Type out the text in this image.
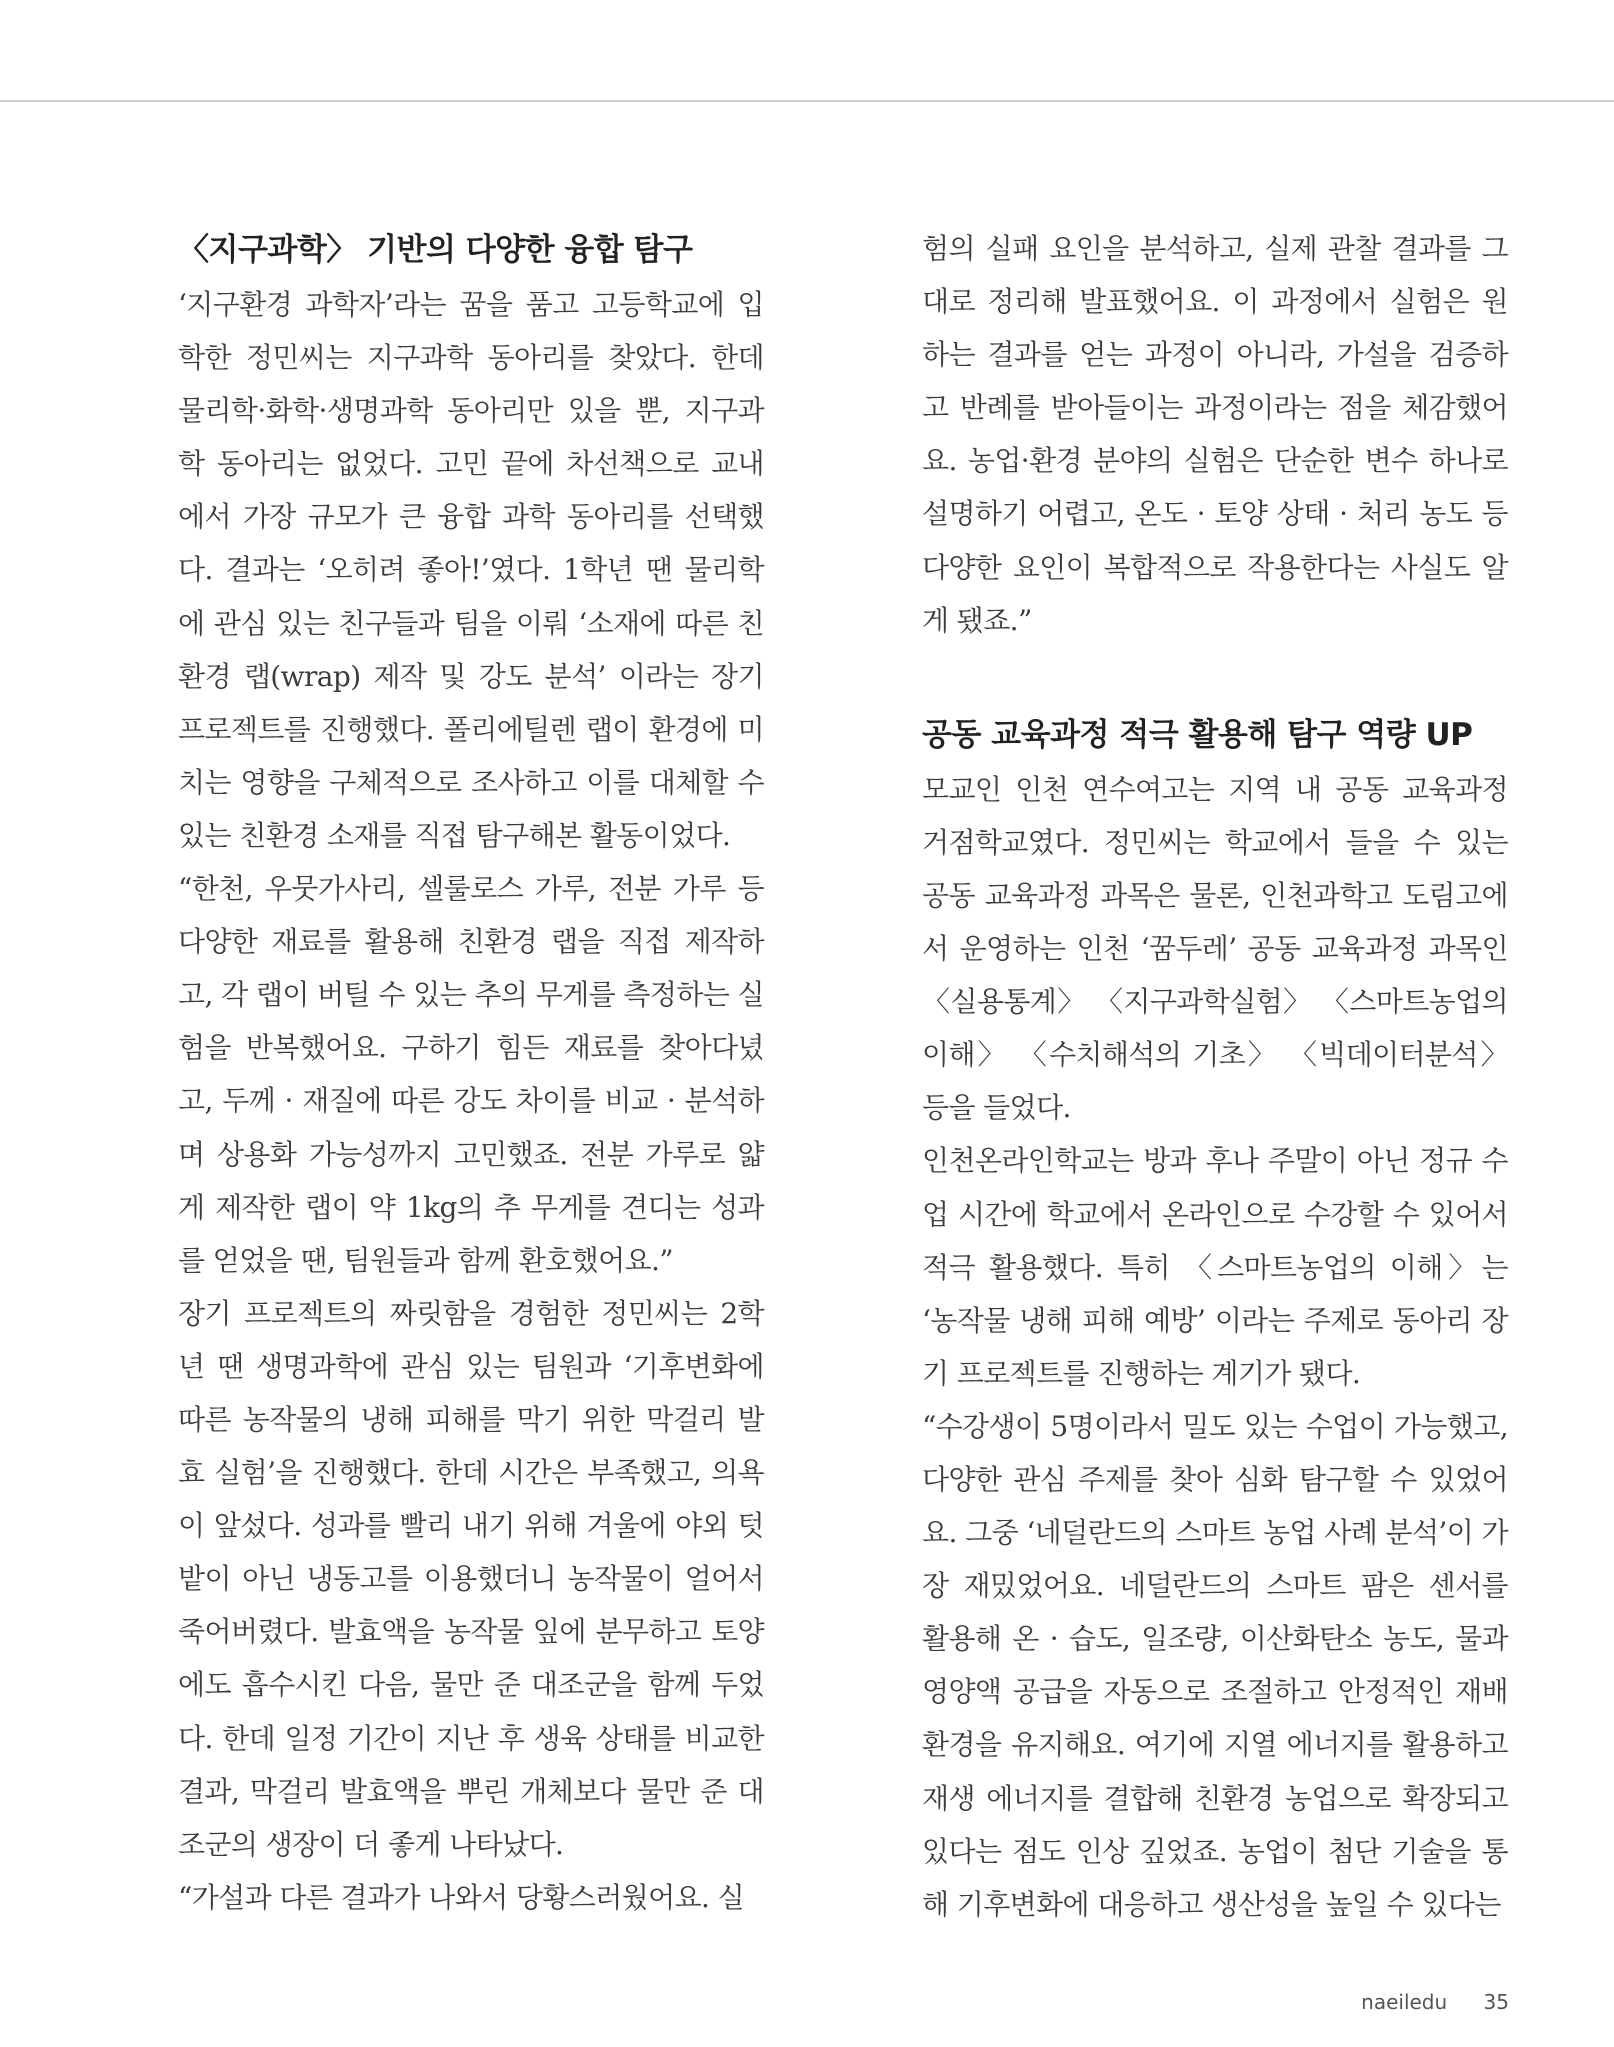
〈지구과학〉 기반의 다양한 융합 탐구

‘지구환경 과학자’라는 꿈을 품고 고등학교에 입학한 정민씨는 지구과학 동아리를 찾았다. 한데 물리학·화학·생명과학 동아리만 있을 뿐, 지구과학 동아리는 없었다. 고민 끝에 차선책으로 교내에서 가장 규모가 큰 융합 과학 동아리를 선택했다. 결과는 ‘오히려 좋아!’였다. 1학년 땐 물리학에 관심 있는 친구들과 팀을 이뤄 ‘소재에 따른 친환경 랩(wrap) 제작 및 강도 분석’ 이라는 장기 프로젝트를 진행했다. 폴리에틸렌 랩이 환경에 미치는 영향을 구체적으로 조사하고 이를 대체할 수 있는 친환경 소재를 직접 탐구해본 활동이었다.

“한천, 우뭇가사리, 셀룰로스 가루, 전분 가루 등 다양한 재료를 활용해 친환경 랩을 직접 제작하고, 각 랩이 버틸 수 있는 추의 무게를 측정하는 실험을 반복했어요. 구하기 힘든 재료를 찾아다녔고, 두께 · 재질에 따른 강도 차이를 비교 · 분석하며 상용화 가능성까지 고민했죠. 전분 가루로 얇게 제작한 랩이 약 1kg의 추 무게를 견디는 성과를 얻었을 땐, 팀원들과 함께 환호했어요.”

장기 프로젝트의 짜릿함을 경험한 정민씨는 2학년 땐 생명과학에 관심 있는 팀원과 ‘기후변화에 따른 농작물의 냉해 피해를 막기 위한 막걸리 발효 실험’을 진행했다. 한데 시간은 부족했고, 의욕이 앞섰다. 성과를 빨리 내기 위해 겨울에 야외 텃밭이 아닌 냉동고를 이용했더니 농작물이 얼어서 죽어버렸다. 발효액을 농작물 잎에 분무하고 토양에도 흡수시킨 다음, 물만 준 대조군을 함께 두었다. 한데 일정 기간이 지난 후 생육 상태를 비교한 결과, 막걸리 발효액을 뿌린 개체보다 물만 준 대조군의 생장이 더 좋게 나타났다.

“가설과 다른 결과가 나와서 당황스러웠어요. 실

험의 실패 요인을 분석하고, 실제 관찰 결과를 그대로 정리해 발표했어요. 이 과정에서 실험은 원하는 결과를 얻는 과정이 아니라, 가설을 검증하고 반례를 받아들이는 과정이라는 점을 체감했어요. 농업·환경 분야의 실험은 단순한 변수 하나로 설명하기 어렵고, 온도 · 토양 상태 · 처리 농도 등 다양한 요인이 복합적으로 작용한다는 사실도 알게 됐죠.”

공동 교육과정 적극 활용해 탐구 역량 UP

모교인 인천 연수여고는 지역 내 공동 교육과정 거점학교였다. 정민씨는 학교에서 들을 수 있는 공동 교육과정 과목은 물론, 인천과학고 도림고에서 운영하는 인천 ‘꿈두레’ 공동 교육과정 과목인 〈실용통계〉 〈지구과학실험〉 〈스마트농업의 이해〉 〈수치해석의 기초〉 〈빅데이터분석〉 등을 들었다.

인천온라인학교는 방과 후나 주말이 아닌 정규 수업 시간에 학교에서 온라인으로 수강할 수 있어서 적극 활용했다. 특히 〈스마트농업의 이해〉는 ‘농작물 냉해 피해 예방’ 이라는 주제로 동아리 장기 프로젝트를 진행하는 계기가 됐다.

“수강생이 5명이라서 밀도 있는 수업이 가능했고, 다양한 관심 주제를 찾아 심화 탐구할 수 있었어요. 그중 ‘네덜란드의 스마트 농업 사례 분석’이 가장 재밌었어요. 네덜란드의 스마트 팜은 센서를 활용해 온 · 습도, 일조량, 이산화탄소 농도, 물과 영양액 공급을 자동으로 조절하고 안정적인 재배 환경을 유지해요. 여기에 지열 에너지를 활용하고 재생 에너지를 결합해 친환경 농업으로 확장되고 있다는 점도 인상 깊었죠. 농업이 첨단 기술을 통해 기후변화에 대응하고 생산성을 높일 수 있다는

naeiledu 35
